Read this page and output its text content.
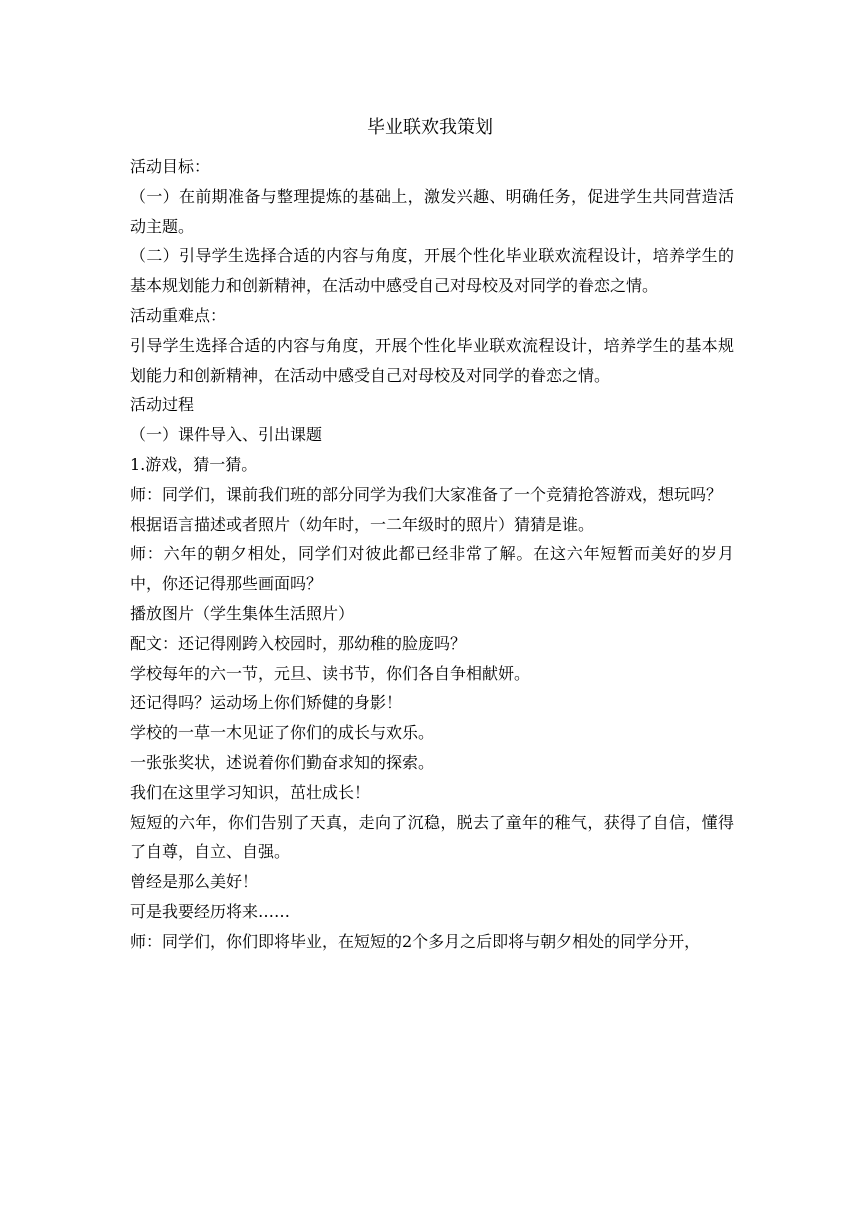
毕业联欢我策划

活动目标：

（一）在前期准备与整理提炼的基础上，激发兴趣、明确任务，促进学生共同营造活动主题。

（二）引导学生选择合适的内容与角度，开展个性化毕业联欢流程设计，培养学生的基本规划能力和创新精神，在活动中感受自己对母校及对同学的眷恋之情。

活动重难点：

引导学生选择合适的内容与角度，开展个性化毕业联欢流程设计，培养学生的基本规划能力和创新精神，在活动中感受自己对母校及对同学的眷恋之情。

活动过程

（一）课件导入、引出课题

1.游戏，猜一猜。

师：同学们，课前我们班的部分同学为我们大家准备了一个竞猜抢答游戏，想玩吗？

根据语言描述或者照片（幼年时，一二年级时的照片）猜猜是谁。

师：六年的朝夕相处，同学们对彼此都已经非常了解。在这六年短暂而美好的岁月中，你还记得那些画面吗？

播放图片（学生集体生活照片）

配文：还记得刚跨入校园时，那幼稚的脸庞吗？

学校每年的六一节，元旦、读书节，你们各自争相献妍。

还记得吗？运动场上你们矫健的身影！

学校的一草一木见证了你们的成长与欢乐。

一张张奖状，述说着你们勤奋求知的探索。

我们在这里学习知识，茁壮成长！

短短的六年，你们告别了天真，走向了沉稳，脱去了童年的稚气，获得了自信，懂得了自尊，自立、自强。

曾经是那么美好！

可是我要经历将来……

师：同学们，你们即将毕业，在短短的2个多月之后即将与朝夕相处的同学分开，
